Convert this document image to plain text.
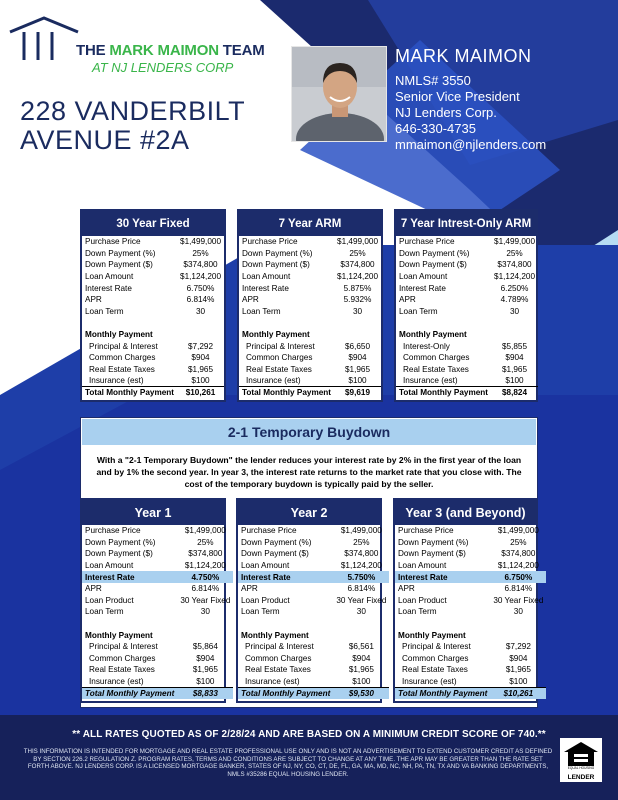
THE MARK MAIMON TEAM
AT NJ LENDERS CORP
228 VANDERBILT AVENUE #2A
MARK MAIMON
NMLS# 3550
Senior Vice President
NJ Lenders Corp.
646-330-4735
mmaimon@njlenders.com
30 Year Fixed
Purchase Price	$1,499,000
Down Payment (%)	25%
Down Payment ($)	$374,800
Loan Amount	$1,124,200
Interest Rate	6.750%
APR	6.814%
Loan Term	30

Monthly Payment	
Principal & Interest	$7,292
Common Charges	$904
Real Estate Taxes	$1,965
Insurance (est)	$100
Total Monthly Payment	$10,261
7 Year ARM
Purchase Price	$1,499,000
Down Payment (%)	25%
Down Payment ($)	$374,800
Loan Amount	$1,124,200
Interest Rate	5.875%
APR	5.932%
Loan Term	30

Monthly Payment	
Principal & Interest	$6,650
Common Charges	$904
Real Estate Taxes	$1,965
Insurance (est)	$100
Total Monthly Payment	$9,619
7 Year Intrest-Only ARM
Purchase Price	$1,499,000
Down Payment (%)	25%
Down Payment ($)	$374,800
Loan Amount	$1,124,200
Interest Rate	6.250%
APR	4.789%
Loan Term	30

Monthly Payment	
Interest-Only	$5,855
Common Charges	$904
Real Estate Taxes	$1,965
Insurance (est)	$100
Total Monthly Payment	$8,824
2-1 Temporary Buydown
With a "2-1 Temporary Buydown" the lender reduces your interest rate by 2% in the first year of the loan and by 1% the second year. In year 3, the interest rate returns to the market rate that you close with. The cost of the temporary buydown is typically paid by the seller.
Year 1
Purchase Price	$1,499,000
Down Payment (%)	25%
Down Payment ($)	$374,800
Loan Amount	$1,124,200
Interest Rate	4.750%
APR	6.814%
Loan Product	30 Year Fixed
Loan Term	30

Monthly Payment	
Principal & Interest	$5,864
Common Charges	$904
Real Estate Taxes	$1,965
Insurance (est)	$100
Total Monthly Payment	$8,833
Year 2
Purchase Price	$1,499,000
Down Payment (%)	25%
Down Payment ($)	$374,800
Loan Amount	$1,124,200
Interest Rate	5.750%
APR	6.814%
Loan Product	30 Year Fixed
Loan Term	30

Monthly Payment	
Principal & Interest	$6,561
Common Charges	$904
Real Estate Taxes	$1,965
Insurance (est)	$100
Total Monthly Payment	$9,530
Year 3 (and Beyond)
Purchase Price	$1,499,000
Down Payment (%)	25%
Down Payment ($)	$374,800
Loan Amount	$1,124,200
Interest Rate	6.750%
APR	6.814%
Loan Product	30 Year Fixed
Loan Term	30

Monthly Payment	
Principal & Interest	$7,292
Common Charges	$904
Real Estate Taxes	$1,965
Insurance (est)	$100
Total Monthly Payment	$10,261
** ALL RATES QUOTED AS OF 2/28/24 AND ARE BASED ON A MINIMUM CREDIT SCORE OF 740.**
THIS INFORMATION IS INTENDED FOR MORTGAGE AND REAL ESTATE PROFESSIONAL USE ONLY AND IS NOT AN ADVERTISEMENT TO EXTEND CUSTOMER CREDIT AS DEFINED BY SECTION 226.2 REGULATION Z. PROGRAM RATES, TERMS AND CONDITIONS ARE SUBJECT TO CHANGE AT ANY TIME. THE APR MAY BE GREATER THAN THE RATE SET FORTH ABOVE. NJ LENDERS CORP. IS A LICENSED MORTGAGE BANKER, STATES OF NJ, NY, CO, CT, DE, FL, GA, MA, MD, NC, NH, PA, TN, TX AND VA BANKING DEPARTMENTS, NMLS #35286 EQUAL HOUSING LENDER.
EQUAL HOUSING
LENDER
